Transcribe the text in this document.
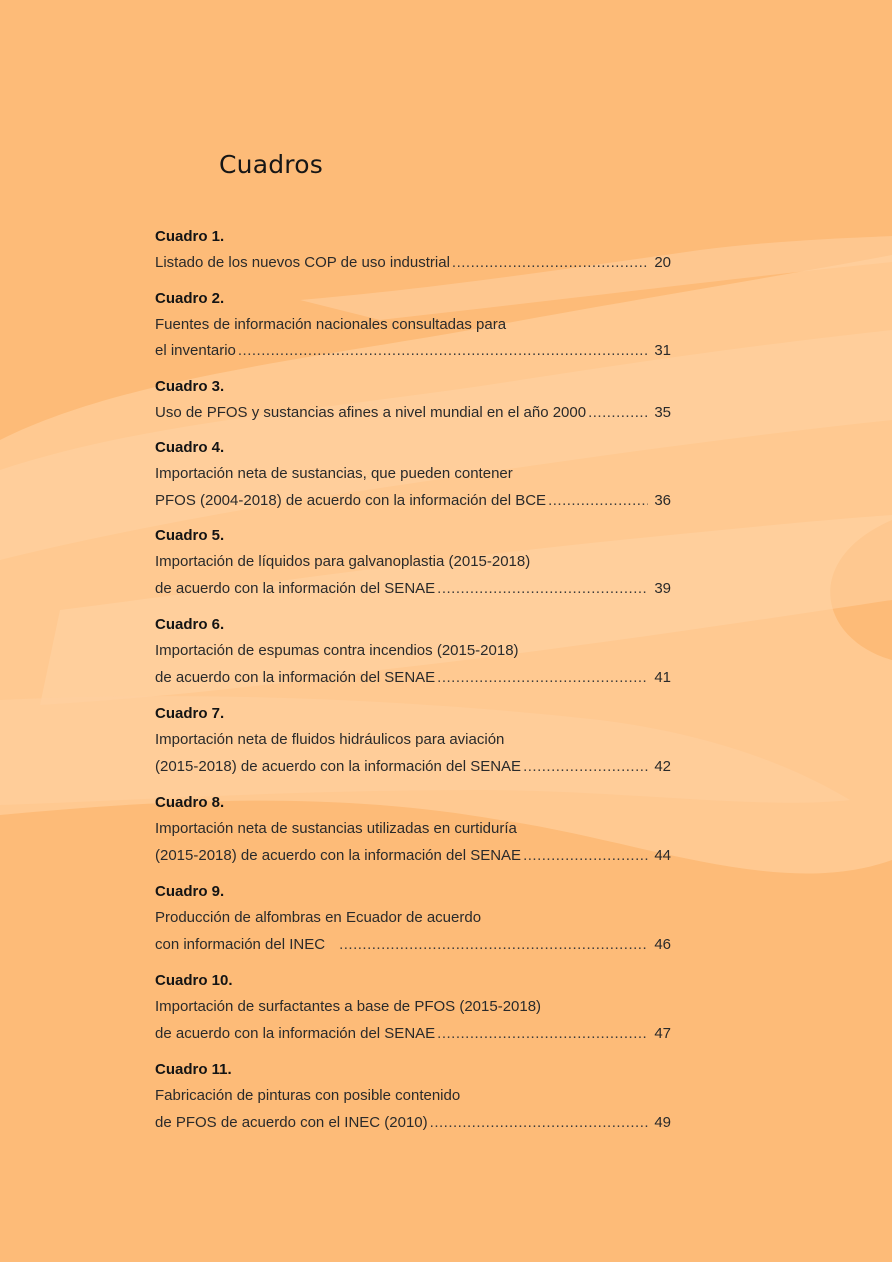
Cuadros
Cuadro 1.
Listado de los nuevos COP de uso industrial .....	20
Cuadro 2.
Fuentes de información nacionales consultadas para
el inventario .....	31
Cuadro 3.
Uso de PFOS y sustancias afines a nivel mundial en el año 2000 .....	35
Cuadro 4.
Importación neta de sustancias, que pueden contener
PFOS (2004-2018) de acuerdo con la información del BCE .....	36
Cuadro 5.
Importación de líquidos para galvanoplastia (2015-2018)
de acuerdo con la información del SENAE .....	39
Cuadro 6.
Importación de espumas contra incendios (2015-2018)
de acuerdo con la información del SENAE .....	41
Cuadro 7.
Importación neta de fluidos hidráulicos para aviación
(2015-2018) de acuerdo con la información del SENAE .....	42
Cuadro 8.
Importación neta de sustancias utilizadas en curtiduría
(2015-2018) de acuerdo con la información del SENAE .....	44
Cuadro 9.
Producción de alfombras en Ecuador de acuerdo
con información del INEC .....	46
Cuadro 10.
Importación de surfactantes a base de PFOS (2015-2018)
de acuerdo con la información del SENAE .....	47
Cuadro 11.
Fabricación de pinturas con posible contenido
de PFOS de acuerdo con el INEC (2010) .....	49
